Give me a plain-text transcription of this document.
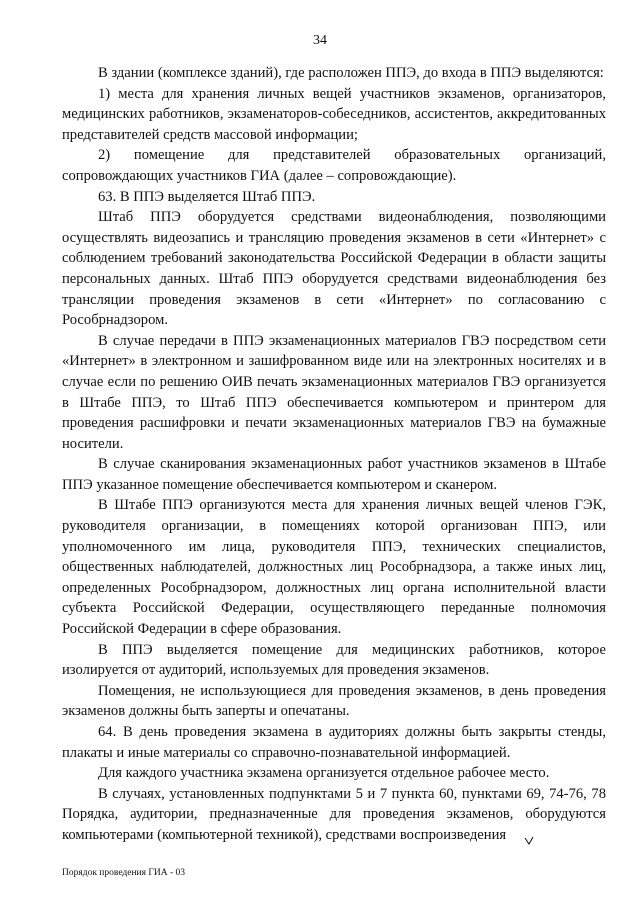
34

В здании (комплексе зданий), где расположен ППЭ, до входа в ППЭ выделяются:

1) места для хранения личных вещей участников экзаменов, организаторов, медицинских работников, экзаменаторов-собеседников, ассистентов, аккредитованных представителей средств массовой информации;

2) помещение для представителей образовательных организаций, сопровождающих участников ГИА (далее – сопровождающие).

63. В ППЭ выделяется Штаб ППЭ.

Штаб ППЭ оборудуется средствами видеонаблюдения, позволяющими осуществлять видеозапись и трансляцию проведения экзаменов в сети «Интернет» с соблюдением требований законодательства Российской Федерации в области защиты персональных данных. Штаб ППЭ оборудуется средствами видеонаблюдения без трансляции проведения экзаменов в сети «Интернет» по согласованию с Рособрнадзором.

В случае передачи в ППЭ экзаменационных материалов ГВЭ посредством сети «Интернет» в электронном и зашифрованном виде или на электронных носителях и в случае если по решению ОИВ печать экзаменационных материалов ГВЭ организуется в Штабе ППЭ, то Штаб ППЭ обеспечивается компьютером и принтером для проведения расшифровки и печати экзаменационных материалов ГВЭ на бумажные носители.

В случае сканирования экзаменационных работ участников экзаменов в Штабе ППЭ указанное помещение обеспечивается компьютером и сканером.

В Штабе ППЭ организуются места для хранения личных вещей членов ГЭК, руководителя организации, в помещениях которой организован ППЭ, или уполномоченного им лица, руководителя ППЭ, технических специалистов, общественных наблюдателей, должностных лиц Рособрнадзора, а также иных лиц, определенных Рособрнадзором, должностных лиц органа исполнительной власти субъекта Российской Федерации, осуществляющего переданные полномочия Российской Федерации в сфере образования.

В ППЭ выделяется помещение для медицинских работников, которое изолируется от аудиторий, используемых для проведения экзаменов.

Помещения, не использующиеся для проведения экзаменов, в день проведения экзаменов должны быть заперты и опечатаны.

64. В день проведения экзамена в аудиториях должны быть закрыты стенды, плакаты и иные материалы со справочно-познавательной информацией.

Для каждого участника экзамена организуется отдельное рабочее место.

В случаях, установленных подпунктами 5 и 7 пункта 60, пунктами 69, 74-76, 78 Порядка, аудитории, предназначенные для проведения экзаменов, оборудуются компьютерами (компьютерной техникой), средствами воспроизведения

Порядок проведения ГИА - 03
